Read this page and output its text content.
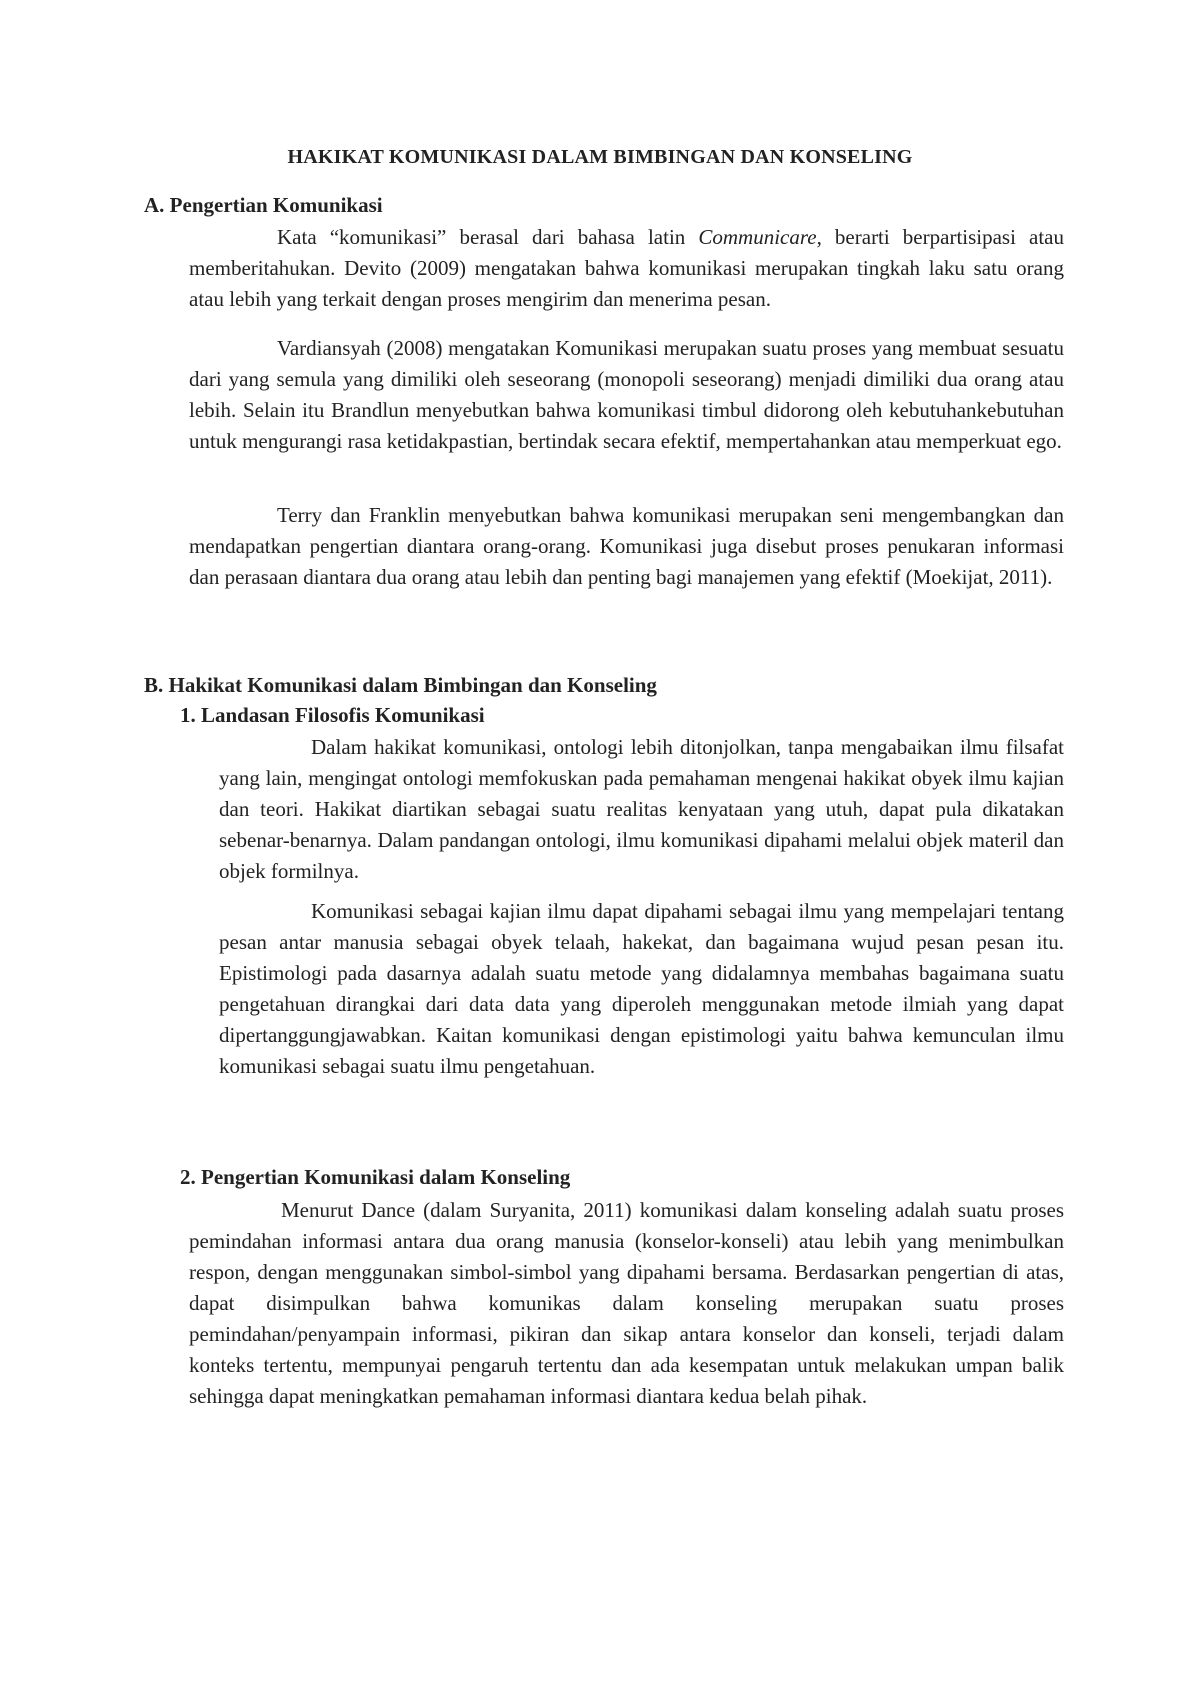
HAKIKAT KOMUNIKASI DALAM BIMBINGAN DAN KONSELING
A. Pengertian Komunikasi

Kata “komunikasi” berasal dari bahasa latin Communicare, berarti berpartisipasi atau memberitahukan. Devito (2009) mengatakan bahwa komunikasi merupakan tingkah laku satu orang atau lebih yang terkait dengan proses mengirim dan menerima pesan.

Vardiansyah (2008) mengatakan Komunikasi merupakan suatu proses yang membuat sesuatu dari yang semula yang dimiliki oleh seseorang (monopoli seseorang) menjadi dimiliki dua orang atau lebih. Selain itu Brandlun menyebutkan bahwa komunikasi timbul didorong oleh kebutuhankebutuhan untuk mengurangi rasa ketidakpastian, bertindak secara efektif, mempertahankan atau memperkuat ego.

Terry dan Franklin menyebutkan bahwa komunikasi merupakan seni mengembangkan dan mendapatkan pengertian diantara orang-orang. Komunikasi juga disebut proses penukaran informasi dan perasaan diantara dua orang atau lebih dan penting bagi manajemen yang efektif (Moekijat, 2011).

B. Hakikat Komunikasi dalam Bimbingan dan Konseling
1. Landasan Filosofis Komunikasi

Dalam hakikat komunikasi, ontologi lebih ditonjolkan, tanpa mengabaikan ilmu filsafat yang lain, mengingat ontologi memfokuskan pada pemahaman mengenai hakikat obyek ilmu kajian dan teori. Hakikat diartikan sebagai suatu realitas kenyataan yang utuh, dapat pula dikatakan sebenar-benarnya. Dalam pandangan ontologi, ilmu komunikasi dipahami melalui objek materil dan objek formilnya.

Komunikasi sebagai kajian ilmu dapat dipahami sebagai ilmu yang mempelajari tentang pesan antar manusia sebagai obyek telaah, hakekat, dan bagaimana wujud pesan pesan itu. Epistimologi pada dasarnya adalah suatu metode yang didalamnya membahas bagaimana suatu pengetahuan dirangkai dari data data yang diperoleh menggunakan metode ilmiah yang dapat dipertanggungjawabkan. Kaitan komunikasi dengan epistimologi yaitu bahwa kemunculan ilmu komunikasi sebagai suatu ilmu pengetahuan.

2. Pengertian Komunikasi dalam Konseling

Menurut Dance (dalam Suryanita, 2011) komunikasi dalam konseling adalah suatu proses pemindahan informasi antara dua orang manusia (konselor-konseli) atau lebih yang menimbulkan respon, dengan menggunakan simbol-simbol yang dipahami bersama. Berdasarkan pengertian di atas, dapat disimpulkan bahwa komunikas dalam konseling merupakan suatu proses pemindahan/penyampain informasi, pikiran dan sikap antara konselor dan konseli, terjadi dalam konteks tertentu, mempunyai pengaruh tertentu dan ada kesempatan untuk melakukan umpan balik sehingga dapat meningkatkan pemahaman informasi diantara kedua belah pihak.
